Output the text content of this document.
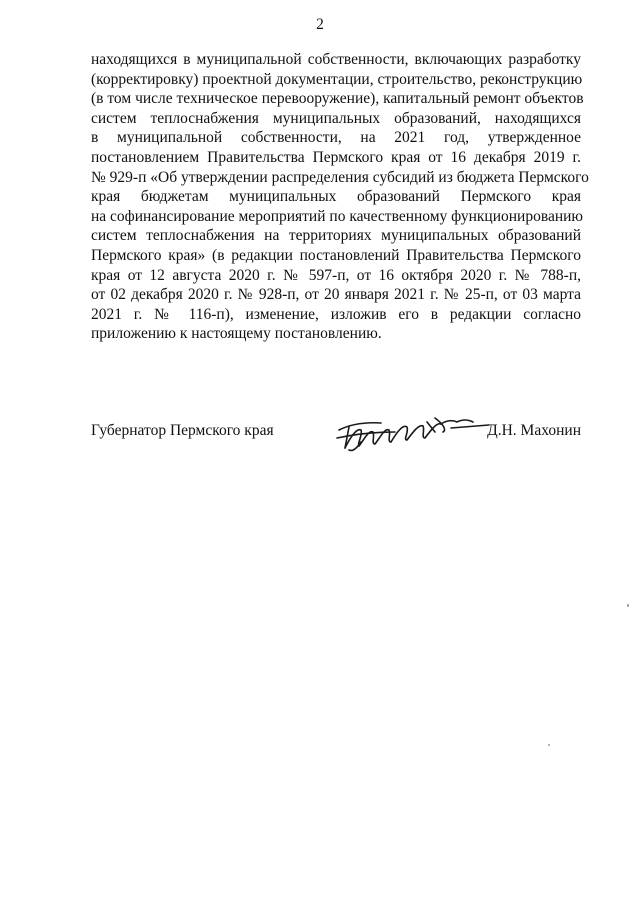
2
находящихся в муниципальной собственности, включающих разработку
(корректировку) проектной документации, строительство, реконструкцию
(в том числе техническое перевооружение), капитальный ремонт объектов
систем теплоснабжения муниципальных образований, находящихся
в муниципальной собственности, на 2021 год, утвержденное
постановлением Правительства Пермского края от 16 декабря 2019 г.
№ 929-п «Об утверждении распределения субсидий из бюджета Пермского
края бюджетам муниципальных образований Пермского края
на софинансирование мероприятий по качественному функционированию
систем теплоснабжения на территориях муниципальных образований
Пермского края» (в редакции постановлений Правительства Пермского
края от 12 августа 2020 г. № 597-п, от 16 октября 2020 г. № 788-п,
от 02 декабря 2020 г. № 928-п, от 20 января 2021 г. № 25-п, от 03 марта
2021 г. № 116-п), изменение, изложив его в редакции согласно
приложению к настоящему постановлению.
Губернатор Пермского края	Д.Н. Махонин
